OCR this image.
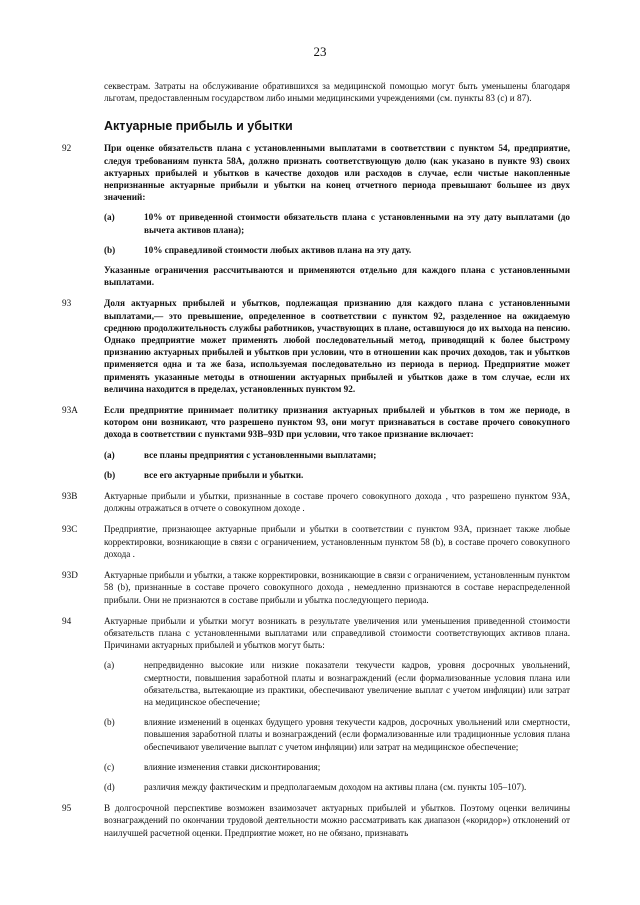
23
секвестрам. Затраты на обслуживание обратившихся за медицинской помощью могут быть уменьшены благодаря льготам, предоставленным государством либо иными медицинскими учреждениями (см. пункты 83 (с) и 87).
Актуарные прибыль и убытки
92	При оценке обязательств плана с установленными выплатами в соответствии с пунктом 54, предприятие, следуя требованиям пункта 58А, должно признать соответствующую долю (как указано в пункте 93) своих актуарных прибылей и убытков в качестве доходов или расходов в случае, если чистые накопленные непризнанные актуарные прибыли и убытки на конец отчетного периода превышают большее из двух значений:
(a)	10% от приведенной стоимости обязательств плана с установленными на эту дату выплатами (до вычета активов плана);
(b)	10% справедливой стоимости любых активов плана на эту дату.
Указанные ограничения рассчитываются и применяются отдельно для каждого плана с установленными выплатами.
93	Доля актуарных прибылей и убытков, подлежащая признанию для каждого плана с установленными выплатами,— это превышение, определенное в соответствии с пунктом 92, разделенное на ожидаемую среднюю продолжительность службы работников, участвующих в плане, оставшуюся до их выхода на пенсию. Однако предприятие может применять любой последовательный метод, приводящий к более быстрому признанию актуарных прибылей и убытков при условии, что в отношении как прочих доходов, так и убытков применяется одна и та же база, используемая последовательно из периода в период. Предприятие может применять указанные методы в отношении актуарных прибылей и убытков даже в том случае, если их величина находится в пределах, установленных пунктом 92.
93A	Если предприятие принимает политику признания актуарных прибылей и убытков в том же периоде, в котором они возникают, что разрешено пунктом 93, они могут признаваться в составе прочего совокупного дохода в соответствии с пунктами 93В–93D при условии, что такое признание включает:
(a)	все планы предприятия с установленными выплатами;
(b)	все его актуарные прибыли и убытки.
93B	Актуарные прибыли и убытки, признанные в составе прочего совокупного дохода , что разрешено пунктом 93А, должны отражаться в отчете о совокупном доходе .
93C	Предприятие, признающее актуарные прибыли и убытки в соответствии с пунктом 93А, признает также любые корректировки, возникающие в связи с ограничением, установленным пунктом 58 (b), в составе прочего совокупного дохода .
93D	Актуарные прибыли и убытки, а также корректировки, возникающие в связи с ограничением, установленным пунктом 58 (b), признанные в составе прочего совокупного дохода , немедленно признаются в составе нераспределенной прибыли. Они не признаются в составе прибыли и убытка последующего периода.
94	Актуарные прибыли и убытки могут возникать в результате увеличения или уменьшения приведенной стоимости обязательств плана с установленными выплатами или справедливой стоимости соответствующих активов плана. Причинами актуарных прибылей и убытков могут быть:
(a)	непредвиденно высокие или низкие показатели текучести кадров, уровня досрочных увольнений, смертности, повышения заработной платы и вознаграждений (если формализованные условия плана или обязательства, вытекающие из практики, обеспечивают увеличение выплат с учетом инфляции) или затрат на медицинское обеспечение;
(b)	влияние изменений в оценках будущего уровня текучести кадров, досрочных увольнений или смертности, повышения заработной платы и вознаграждений (если формализованные или традиционные условия плана обеспечивают увеличение выплат с учетом инфляции) или затрат на медицинское обеспечение;
(c)	влияние изменения ставки дисконтирования;
(d)	различия между фактическим и предполагаемым доходом на активы плана (см. пункты 105–107).
95	В долгосрочной перспективе возможен взаимозачет актуарных прибылей и убытков. Поэтому оценки величины вознаграждений по окончании трудовой деятельности можно рассматривать как диапазон («коридор») отклонений от наилучшей расчетной оценки. Предприятие может, но не обязано, признавать
